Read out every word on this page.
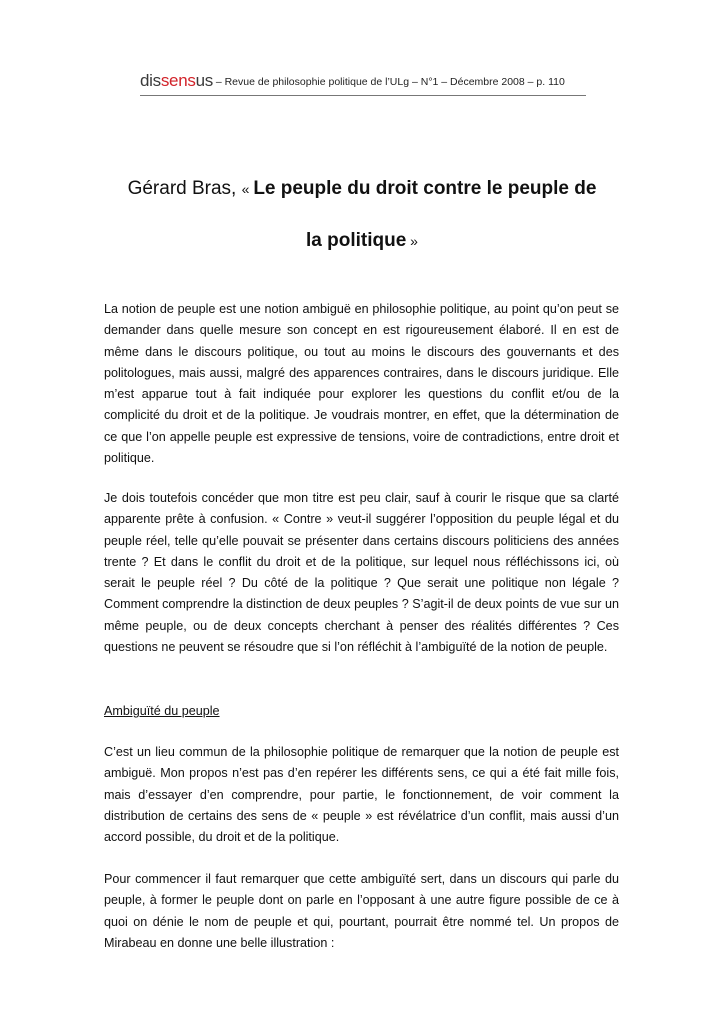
dissensus – Revue de philosophie politique de l’ULg – N°1 – Décembre 2008 – p. 110
Gérard Bras, « Le peuple du droit contre le peuple de
la politique »

La notion de peuple est une notion ambiguë en philosophie politique, au point qu’on peut se demander dans quelle mesure son concept en est rigoureusement élaboré. Il en est de même dans le discours politique, ou tout au moins le discours des gouvernants et des politologues, mais aussi, malgré des apparences contraires, dans le discours juridique. Elle m’est apparue tout à fait indiquée pour explorer les questions du conflit et/ou de la complicité du droit et de la politique. Je voudrais montrer, en effet, que la détermination de ce que l’on appelle peuple est expressive de tensions, voire de contradictions, entre droit et politique.

Je dois toutefois concéder que mon titre est peu clair, sauf à courir le risque que sa clarté apparente prête à confusion. « Contre » veut-il suggérer l’opposition du peuple légal et du peuple réel, telle qu’elle pouvait se présenter dans certains discours politiciens des années trente ? Et dans le conflit du droit et de la politique, sur lequel nous réfléchissons ici, où serait le peuple réel ? Du côté de la politique ? Que serait une politique non légale ? Comment comprendre la distinction de deux peuples ? S’agit-il de deux points de vue sur un même peuple, ou de deux concepts cherchant à penser des réalités différentes ? Ces questions ne peuvent se résoudre que si l’on réfléchit à l’ambiguïté de la notion de peuple.

Ambiguïté du peuple

C’est un lieu commun de la philosophie politique de remarquer que la notion de peuple est ambiguë. Mon propos n’est pas d’en repérer les différents sens, ce qui a été fait mille fois, mais d’essayer d’en comprendre, pour partie, le fonctionnement, de voir comment la distribution de certains des sens de « peuple » est révélatrice d’un conflit, mais aussi d’un accord possible, du droit et de la politique.

Pour commencer il faut remarquer que cette ambiguïté sert, dans un discours qui parle du peuple, à former le peuple dont on parle en l’opposant à une autre figure possible de ce à quoi on dénie le nom de peuple et qui, pourtant, pourrait être nommé tel. Un propos de Mirabeau en donne une belle illustration :
